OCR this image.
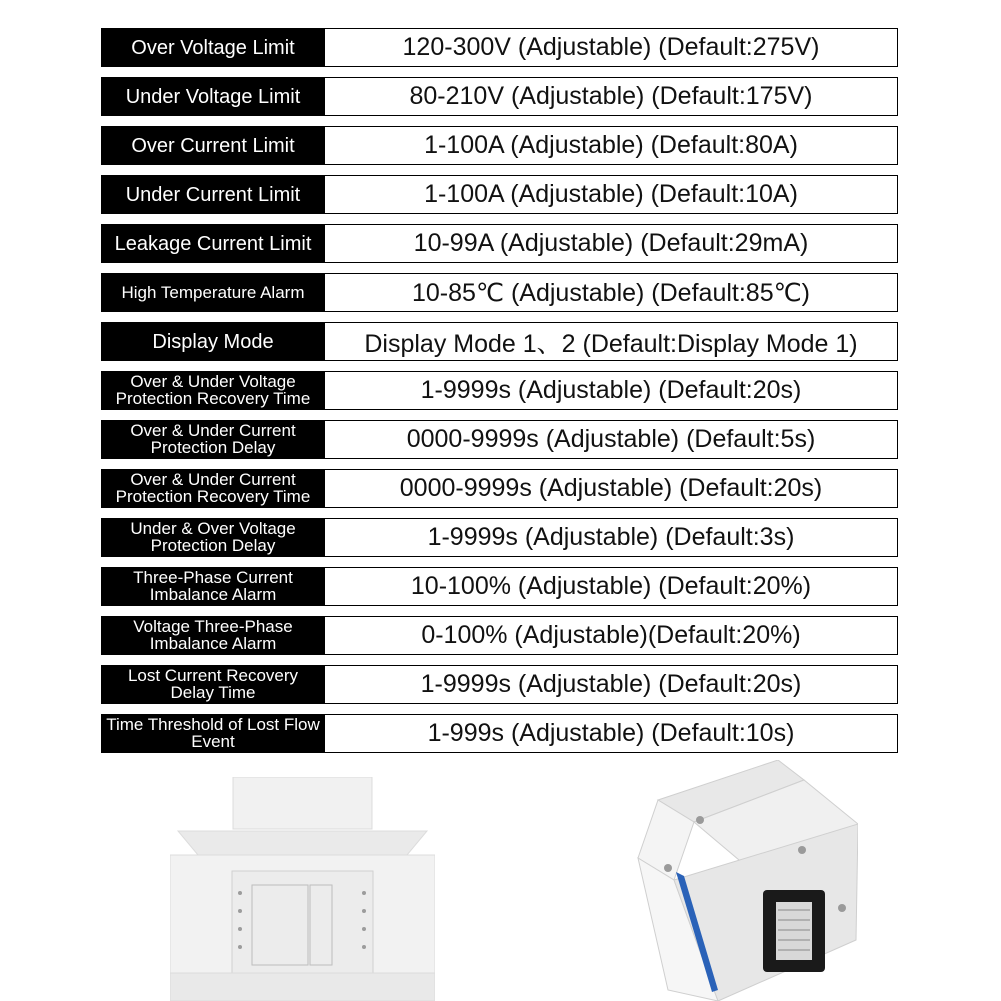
Over Voltage Limit	120-300V (Adjustable) (Default:275V)
Under Voltage Limit	80-210V (Adjustable) (Default:175V)
Over Current Limit	1-100A (Adjustable) (Default:80A)
Under Current Limit	1-100A (Adjustable) (Default:10A)
Leakage Current Limit	10-99A (Adjustable) (Default:29mA)
High Temperature Alarm	10-85℃ (Adjustable) (Default:85℃)
Display Mode	Display Mode 1、2 (Default:Display Mode 1)
Over & Under Voltage Protection Recovery Time	1-9999s (Adjustable) (Default:20s)
Over & Under Current Protection Delay	0000-9999s (Adjustable) (Default:5s)
Over & Under Current Protection Recovery Time	0000-9999s (Adjustable) (Default:20s)
Under & Over Voltage Protection Delay	1-9999s (Adjustable) (Default:3s)
Three-Phase Current Imbalance Alarm	10-100% (Adjustable) (Default:20%)
Voltage Three-Phase Imbalance Alarm	0-100% (Adjustable)(Default:20%)
Lost Current Recovery Delay Time	1-9999s (Adjustable) (Default:20s)
Time Threshold of Lost Flow Event	1-999s (Adjustable) (Default:10s)
